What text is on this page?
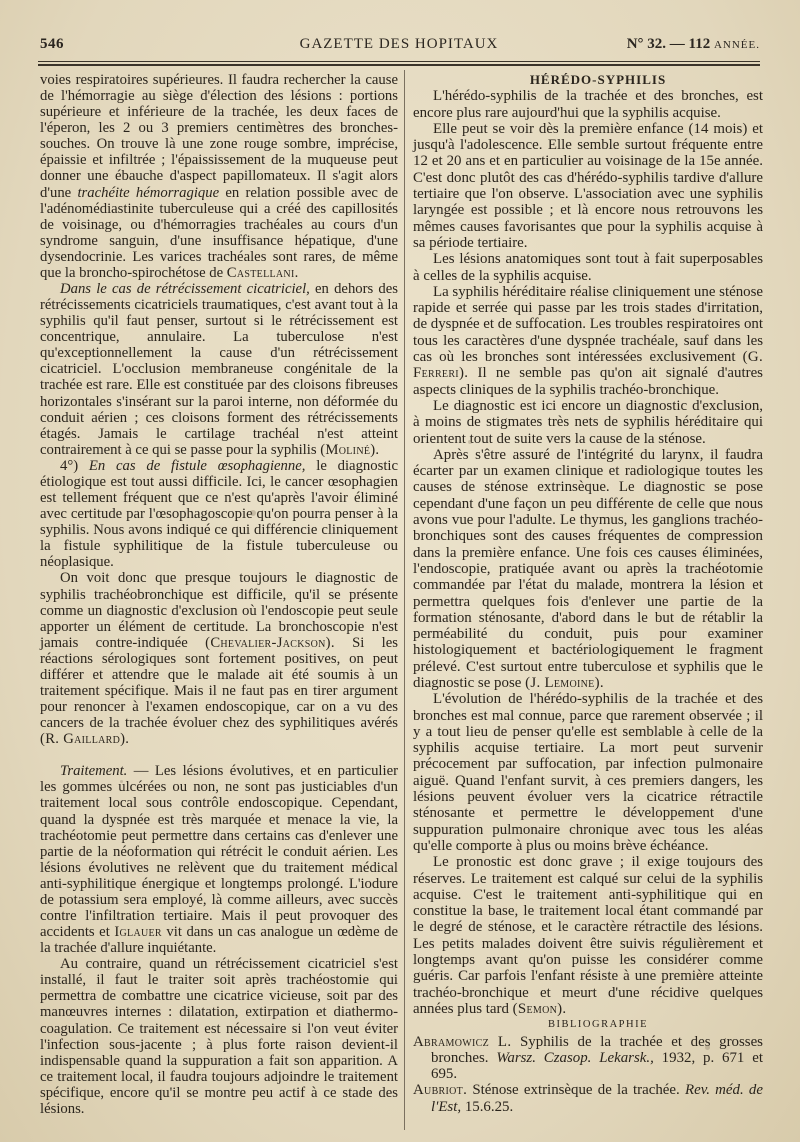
546	GAZETTE DES HOPITAUX	N° 32. — 112 ANNÉE.

voies respiratoires supérieures. Il faudra rechercher la cause de l'hémorragie au siège d'élection des lésions : portions supérieure et inférieure de la trachée, les deux faces de l'éperon, les 2 ou 3 premiers centimètres des bronches-souches. On trouve là une zone rouge sombre, imprécise, épaissie et infiltrée ; l'épaississement de la muqueuse peut donner une ébauche d'aspect papillomateux. Il s'agit alors d'une trachéite hémorragique en relation possible avec de l'adénomédiastinite tuberculeuse qui a créé des capillosités de voisinage, ou d'hémorragies trachéales au cours d'un syndrome sanguin, d'une insuffisance hépatique, d'une dysendocrinie. Les varices trachéales sont rares, de même que la broncho-spirochétose de Castellani.

Dans le cas de rétrécissement cicatriciel, en dehors des rétrécissements cicatriciels traumatiques, c'est avant tout à la syphilis qu'il faut penser, surtout si le rétrécissement est concentrique, annulaire. La tuberculose n'est qu'exceptionnellement la cause d'un rétrécissement cicatriciel. L'occlusion membraneuse congénitale de la trachée est rare. Elle est constituée par des cloisons fibreuses horizontales s'insérant sur la paroi interne, non déformée du conduit aérien ; ces cloisons forment des rétrécissements étagés. Jamais le cartilage trachéal n'est atteint contrairement à ce qui se passe pour la syphilis (Moliné).

4°) En cas de fistule œsophagienne, le diagnostic étiologique est tout aussi difficile. Ici, le cancer œsophagien est tellement fréquent que ce n'est qu'après l'avoir éliminé avec certitude par l'œsophagoscopie qu'on pourra penser à la syphilis. Nous avons indiqué ce qui différencie cliniquement la fistule syphilitique de la fistule tuberculeuse ou néoplasique.

On voit donc que presque toujours le diagnostic de syphilis trachéobronchique est difficile, qu'il se présente comme un diagnostic d'exclusion où l'endoscopie peut seule apporter un élément de certitude. La bronchoscopie n'est jamais contre-indiquée (Chevalier-Jackson). Si les réactions sérologiques sont fortement positives, on peut différer et attendre que le malade ait été soumis à un traitement spécifique. Mais il ne faut pas en tirer argument pour renoncer à l'examen endoscopique, car on a vu des cancers de la trachée évoluer chez des syphilitiques avérés (R. Gaillard).

Traitement. — Les lésions évolutives, et en particulier les gommes ulcérées ou non, ne sont pas justiciables d'un traitement local sous contrôle endoscopique. Cependant, quand la dyspnée est très marquée et menace la vie, la trachéotomie peut permettre dans certains cas d'enlever une partie de la néoformation qui rétrécit le conduit aérien. Les lésions évolutives ne relèvent que du traitement médical anti-syphilitique énergique et longtemps prolongé. L'iodure de potassium sera employé, là comme ailleurs, avec succès contre l'infiltration tertiaire. Mais il peut provoquer des accidents et Iglauer vit dans un cas analogue un œdème de la trachée d'allure inquiétante.

Au contraire, quand un rétrécissement cicatriciel s'est installé, il faut le traiter soit après trachéostomie qui permettra de combattre une cicatrice vicieuse, soit par des manœuvres internes : dilatation, extirpation et diathermo-coagulation. Ce traitement est nécessaire si l'on veut éviter l'infection sous-jacente ; à plus forte raison devient-il indispensable quand la suppuration a fait son apparition. A ce traitement local, il faudra toujours adjoindre le traitement spécifique, encore qu'il se montre peu actif à ce stade des lésions.

HÉRÉDO-SYPHILIS

L'hérédo-syphilis de la trachée et des bronches, est encore plus rare aujourd'hui que la syphilis acquise.

Elle peut se voir dès la première enfance (14 mois) et jusqu'à l'adolescence. Elle semble surtout fréquente entre 12 et 20 ans et en particulier au voisinage de la 15e année. C'est donc plutôt des cas d'hérédo-syphilis tardive d'allure tertiaire que l'on observe. L'association avec une syphilis laryngée est possible ; et là encore nous retrouvons les mêmes causes favorisantes que pour la syphilis acquise à sa période tertiaire.

Les lésions anatomiques sont tout à fait superposables à celles de la syphilis acquise.

La syphilis héréditaire réalise cliniquement une sténose rapide et serrée qui passe par les trois stades d'irritation, de dyspnée et de suffocation. Les troubles respiratoires ont tous les caractères d'une dyspnée trachéale, sauf dans les cas où les bronches sont intéressées exclusivement (G. Ferreri). Il ne semble pas qu'on ait signalé d'autres aspects cliniques de la syphilis trachéo-bronchique.

Le diagnostic est ici encore un diagnostic d'exclusion, à moins de stigmates très nets de syphilis héréditaire qui orientent tout de suite vers la cause de la sténose.

Après s'être assuré de l'intégrité du larynx, il faudra écarter par un examen clinique et radiologique toutes les causes de sténose extrinsèque. Le diagnostic se pose cependant d'une façon un peu différente de celle que nous avons vue pour l'adulte. Le thymus, les ganglions trachéo-bronchiques sont des causes fréquentes de compression dans la première enfance. Une fois ces causes éliminées, l'endoscopie, pratiquée avant ou après la trachéotomie commandée par l'état du malade, montrera la lésion et permettra quelques fois d'enlever une partie de la formation sténosante, d'abord dans le but de rétablir la perméabilité du conduit, puis pour examiner histologiquement et bactériologiquement le fragment prélevé. C'est surtout entre tuberculose et syphilis que le diagnostic se pose (J. Lemoine).

L'évolution de l'hérédo-syphilis de la trachée et des bronches est mal connue, parce que rarement observée ; il y a tout lieu de penser qu'elle est semblable à celle de la syphilis acquise tertiaire. La mort peut survenir précocement par suffocation, par infection pulmonaire aiguë. Quand l'enfant survit, à ces premiers dangers, les lésions peuvent évoluer vers la cicatrice rétractile sténosante et permettre le développement d'une suppuration pulmonaire chronique avec tous les aléas qu'elle comporte à plus ou moins brève échéance.

Le pronostic est donc grave ; il exige toujours des réserves. Le traitement est calqué sur celui de la syphilis acquise. C'est le traitement anti-syphilitique qui en constitue la base, le traitement local étant commandé par le degré de sténose, et le caractère rétractile des lésions. Les petits malades doivent être suivis régulièrement et longtemps avant qu'on puisse les considérer comme guéris. Car parfois l'enfant résiste à une première atteinte trachéo-bronchique et meurt d'une récidive quelques années plus tard (Semon).

BIBLIOGRAPHIE

Abramowicz L. Syphilis de la trachée et des grosses bronches. Warsz. Czasop. Lekarsk., 1932, p. 671 et 695.

Aubriot. Sténose extrinsèque de la trachée. Rev. méd. de l'Est, 15.6.25.
